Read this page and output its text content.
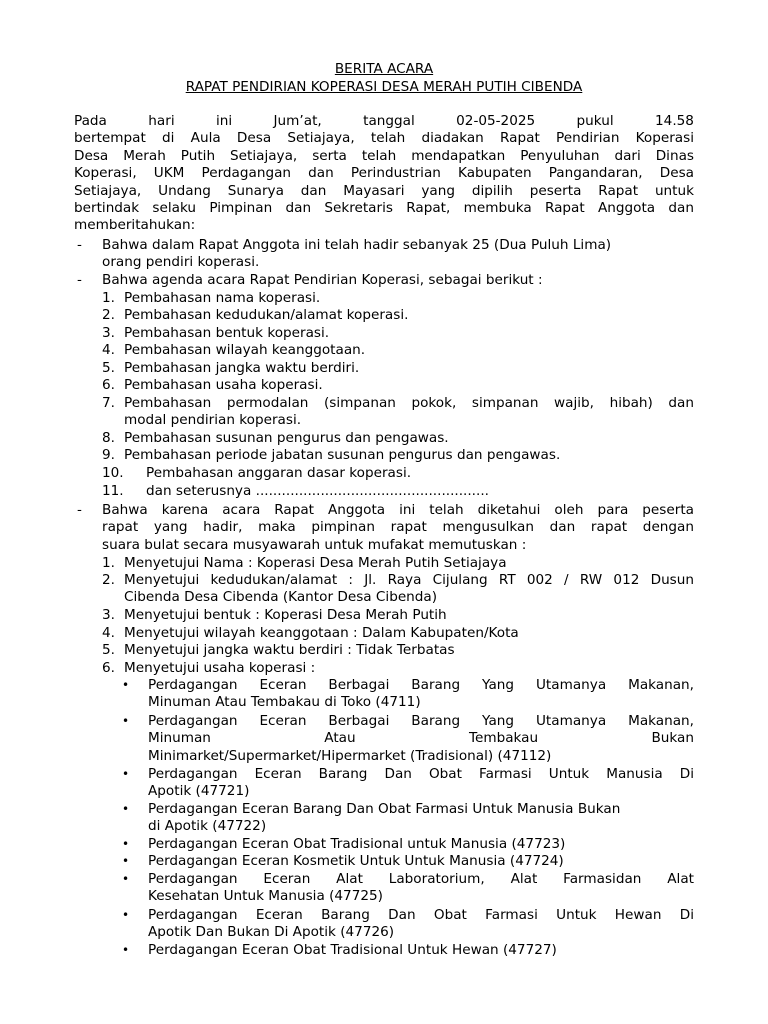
BERITA ACARA
RAPAT PENDIRIAN KOPERASI DESA MERAH PUTIH CIBENDA
Pada	hari	ini	Jum’at,	tanggal	02-05-2025	pukul	14.58
bertempat di Aula Desa Setiajaya, telah diadakan Rapat Pendirian Koperasi
Desa Merah Putih Setiajaya, serta telah mendapatkan Penyuluhan dari Dinas
Koperasi, UKM Perdagangan dan Perindustrian Kabupaten Pangandaran, Desa
Setiajaya, Undang Sunarya dan Mayasari yang dipilih peserta Rapat untuk
bertindak selaku Pimpinan dan Sekretaris Rapat, membuka Rapat Anggota dan
memberitahukan:
- Bahwa dalam Rapat Anggota ini telah hadir sebanyak 25 (Dua Puluh Lima)
orang pendiri koperasi.
- Bahwa agenda acara Rapat Pendirian Koperasi, sebagai berikut :
1. Pembahasan nama koperasi.
2. Pembahasan kedudukan/alamat koperasi.
3. Pembahasan bentuk koperasi.
4. Pembahasan wilayah keanggotaan.
5. Pembahasan jangka waktu berdiri.
6. Pembahasan usaha koperasi.
7. Pembahasan permodalan (simpanan pokok, simpanan wajib, hibah) dan
modal pendirian koperasi.
8. Pembahasan susunan pengurus dan pengawas.
9. Pembahasan periode jabatan susunan pengurus dan pengawas.
10. Pembahasan anggaran dasar koperasi.
11. dan seterusnya ......................................................
- Bahwa karena acara Rapat Anggota ini telah diketahui oleh para peserta
rapat yang hadir, maka pimpinan rapat mengusulkan dan rapat dengan
suara bulat secara musyawarah untuk mufakat memutuskan :
1. Menyetujui Nama : Koperasi Desa Merah Putih Setiajaya
2. Menyetujui kedudukan/alamat : Jl. Raya Cijulang RT 002 / RW 012 Dusun
Cibenda Desa Cibenda (Kantor Desa Cibenda)
3. Menyetujui bentuk : Koperasi Desa Merah Putih
4. Menyetujui wilayah keanggotaan : Dalam Kabupaten/Kota
5. Menyetujui jangka waktu berdiri : Tidak Terbatas
6. Menyetujui usaha koperasi :
• Perdagangan Eceran Berbagai Barang Yang Utamanya Makanan,
Minuman Atau Tembakau di Toko (4711)
• Perdagangan Eceran Berbagai Barang Yang Utamanya Makanan,
Minuman Atau Tembakau Bukan
Minimarket/Supermarket/Hipermarket (Tradisional) (47112)
• Perdagangan Eceran Barang Dan Obat Farmasi Untuk Manusia Di
Apotik (47721)
• Perdagangan Eceran Barang Dan Obat Farmasi Untuk Manusia Bukan
di Apotik (47722)
• Perdagangan Eceran Obat Tradisional untuk Manusia (47723)
• Perdagangan Eceran Kosmetik Untuk Untuk Manusia (47724)
• Perdagangan Eceran Alat Laboratorium, Alat Farmasidan Alat
Kesehatan Untuk Manusia (47725)
• Perdagangan Eceran Barang Dan Obat Farmasi Untuk Hewan Di
Apotik Dan Bukan Di Apotik (47726)
• Perdagangan Eceran Obat Tradisional Untuk Hewan (47727)
